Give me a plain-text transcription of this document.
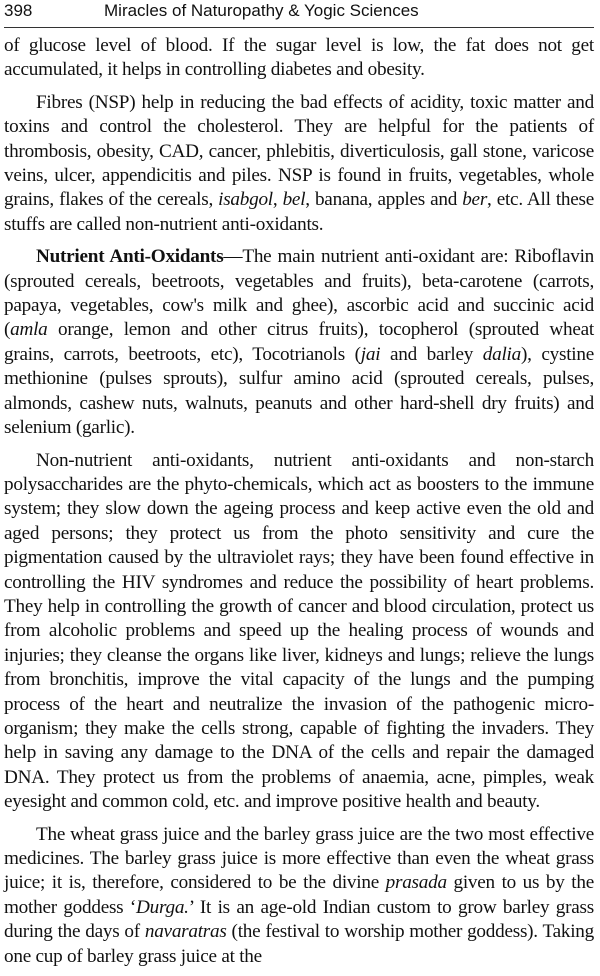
398	Miracles of Naturopathy & Yogic Sciences

of glucose level of blood. If the sugar level is low, the fat does not get accumulated, it helps in controlling diabetes and obesity.

Fibres (NSP) help in reducing the bad effects of acidity, toxic matter and toxins and control the cholesterol. They are helpful for the patients of thrombosis, obesity, CAD, cancer, phlebitis, diverticulosis, gall stone, varicose veins, ulcer, appendicitis and piles. NSP is found in fruits, vegetables, whole grains, flakes of the cereals, isabgol, bel, banana, apples and ber, etc. All these stuffs are called non-nutrient anti-oxidants.

Nutrient Anti-Oxidants—The main nutrient anti-oxidant are: Riboflavin (sprouted cereals, beetroots, vegetables and fruits), beta-carotene (carrots, papaya, vegetables, cow's milk and ghee), ascorbic acid and succinic acid (amla orange, lemon and other citrus fruits), tocopherol (sprouted wheat grains, carrots, beetroots, etc), Tocotrianols (jai and barley dalia), cystine methionine (pulses sprouts), sulfur amino acid (sprouted cereals, pulses, almonds, cashew nuts, walnuts, peanuts and other hard-shell dry fruits) and selenium (garlic).

Non-nutrient anti-oxidants, nutrient anti-oxidants and non-starch polysaccharides are the phyto-chemicals, which act as boosters to the immune system; they slow down the ageing process and keep active even the old and aged persons; they protect us from the photo sensitivity and cure the pigmentation caused by the ultraviolet rays; they have been found effective in controlling the HIV syndromes and reduce the possibility of heart problems. They help in controlling the growth of cancer and blood circulation, protect us from alcoholic problems and speed up the healing process of wounds and injuries; they cleanse the organs like liver, kidneys and lungs; relieve the lungs from bronchitis, improve the vital capacity of the lungs and the pumping process of the heart and neutralize the invasion of the pathogenic micro-organism; they make the cells strong, capable of fighting the invaders. They help in saving any damage to the DNA of the cells and repair the damaged DNA. They protect us from the problems of anaemia, acne, pimples, weak eyesight and common cold, etc. and improve positive health and beauty.

The wheat grass juice and the barley grass juice are the two most effective medicines. The barley grass juice is more effective than even the wheat grass juice; it is, therefore, considered to be the divine prasada given to us by the mother goddess ‘Durga.’ It is an age-old Indian custom to grow barley grass during the days of navaratras (the festival to worship mother goddess). Taking one cup of barley grass juice at the
